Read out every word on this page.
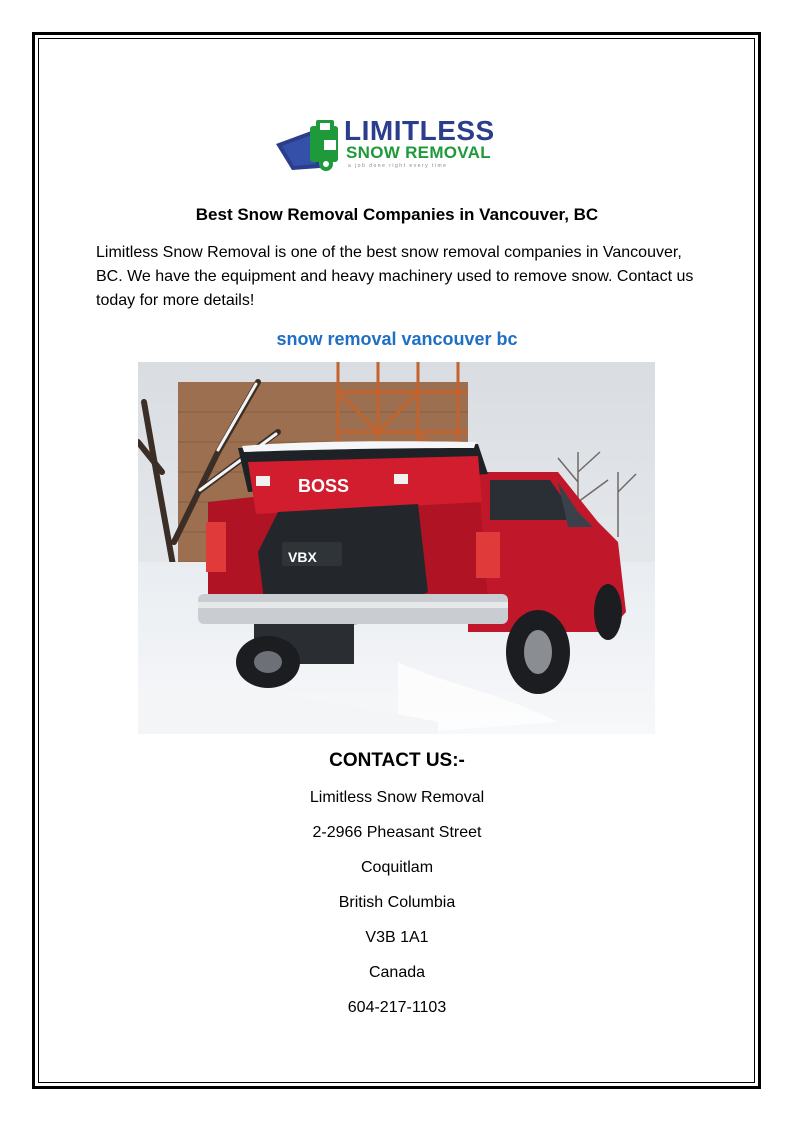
LIMITLESS
SNOW REMOVAL
a job done right every time
Best Snow Removal Companies in Vancouver, BC
Limitless Snow Removal is one of the best snow removal companies in Vancouver, BC. We have the equipment and heavy machinery used to remove snow. Contact us today for more details!
snow removal vancouver bc
BOSS
VBX
CONTACT US:-
Limitless Snow Removal
2-2966 Pheasant Street
Coquitlam
British Columbia
V3B 1A1
Canada
604-217-1103
